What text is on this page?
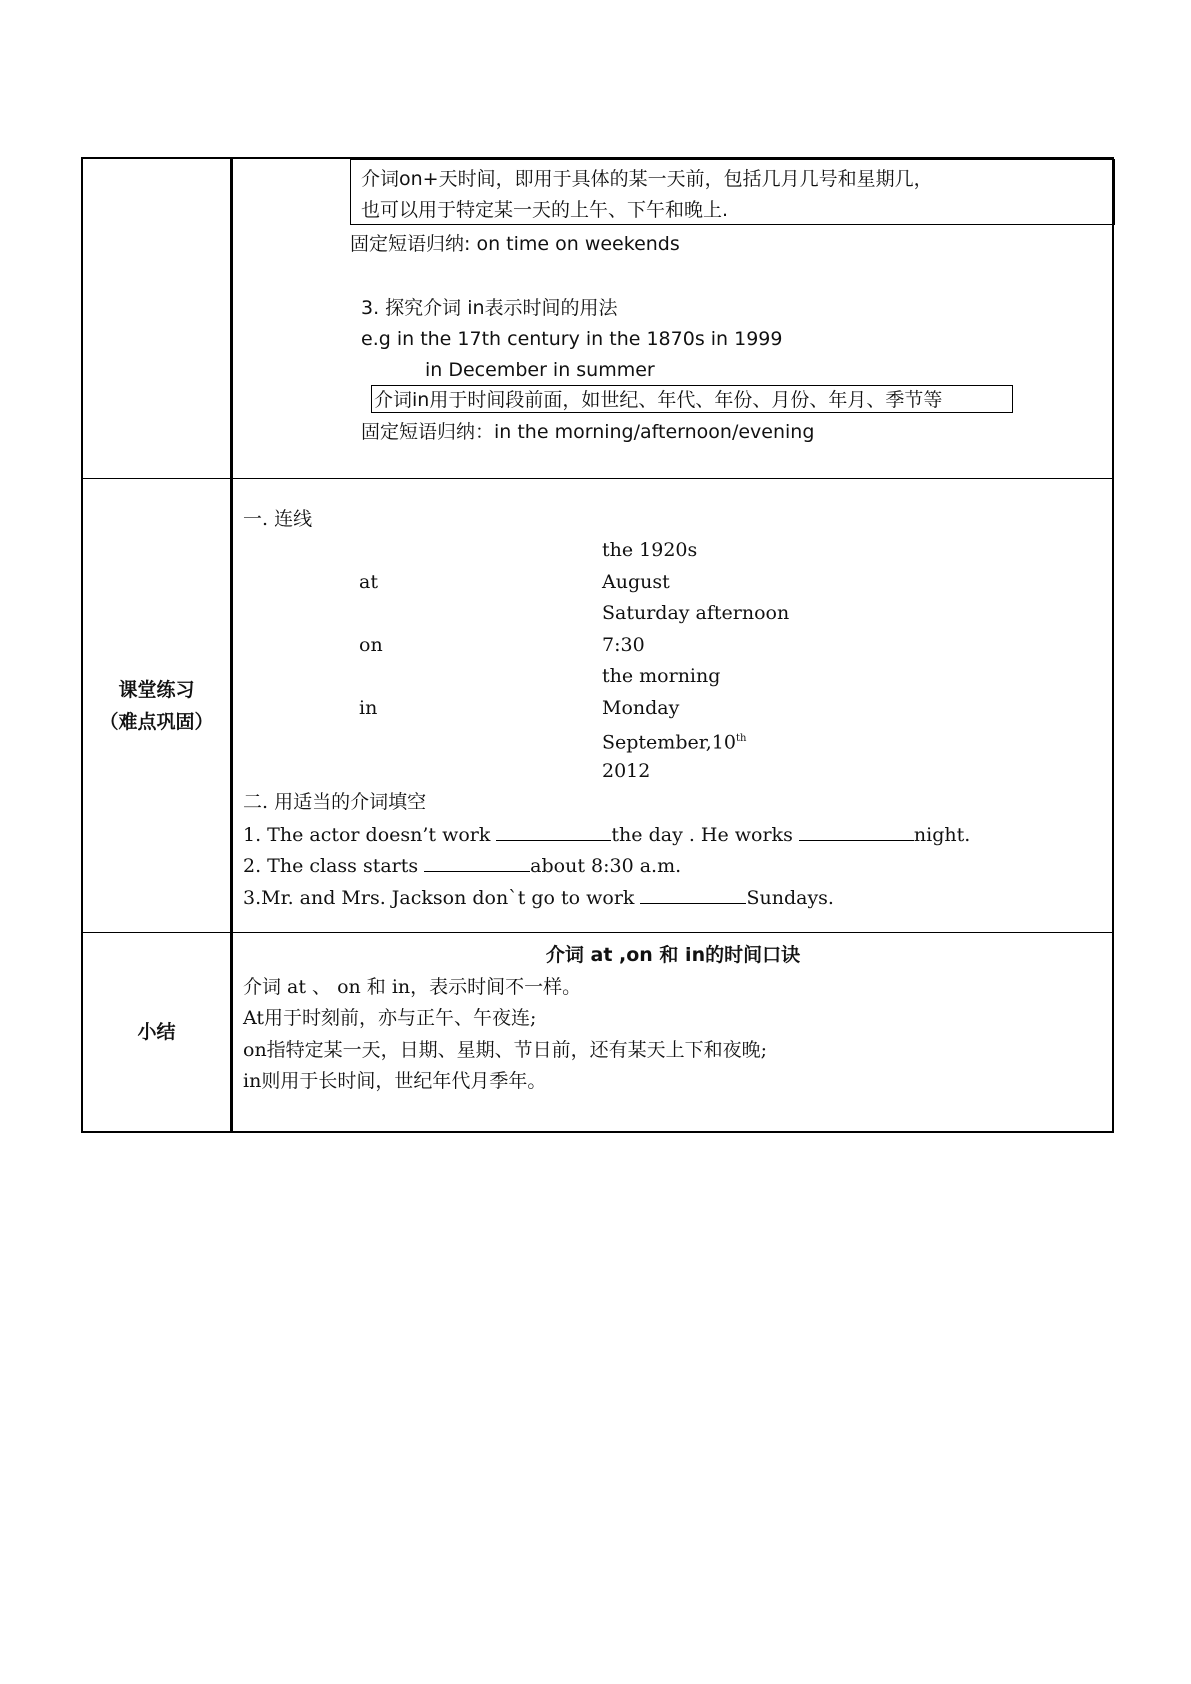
介词on+天时间，即用于具体的某一天前，包括几月几号和星期几，
也可以用于特定某一天的上午、下午和晚上.
固定短语归纳: on time on weekends
3. 探究介词 in表示时间的用法
e.g in the 17th century in the 1870s in 1999
in December in summer
介词in用于时间段前面，如世纪、年代、年份、月份、年月、季节等
固定短语归纳：in the morning/afternoon/evening
课堂练习
（难点巩固）
一. 连线
at
on
in
the 1920s
August
Saturday afternoon
7:30
the morning
Monday
September,10th
2012
二. 用适当的介词填空
1. The actor doesn’t work	the day . He works	night.
2. The class starts	about 8:30 a.m.
3.Mr. and Mrs. Jackson don`t go to work	Sundays.
小结
介词 at ,on 和 in的时间口诀
介词 at 、 on 和 in，表示时间不一样。
At用于时刻前，亦与正午、午夜连;
on指特定某一天，日期、星期、节日前，还有某天上下和夜晚;
in则用于长时间，世纪年代月季年。
